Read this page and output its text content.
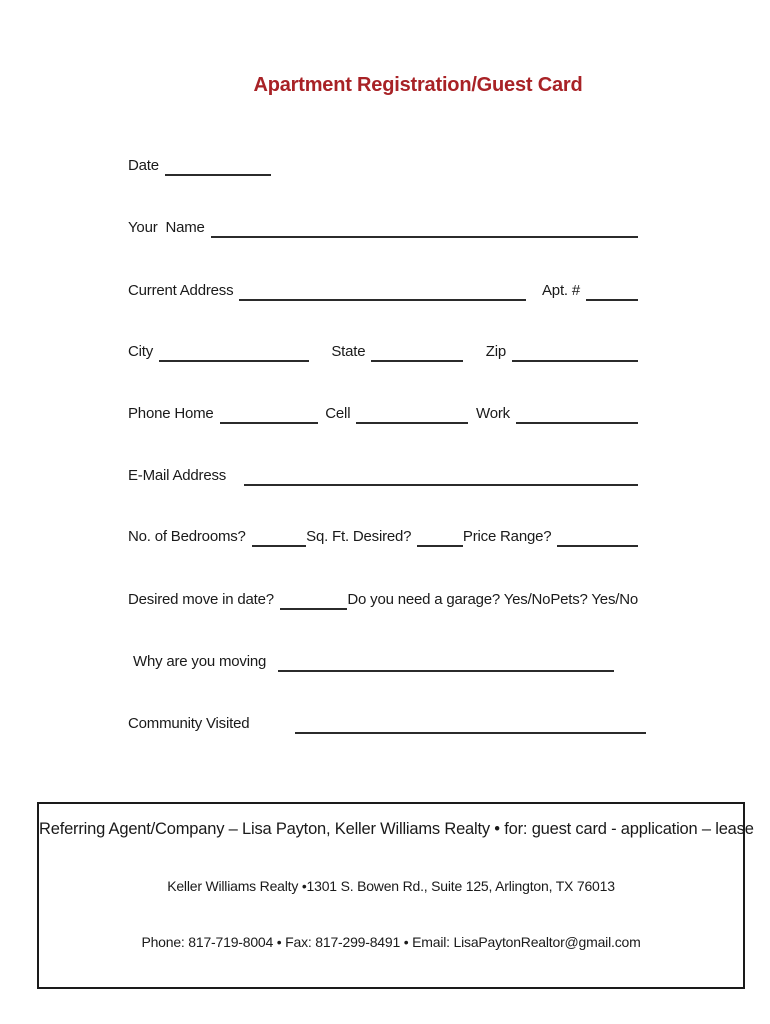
Apartment Registration/Guest Card
Date
Your  Name
Current Address	Apt. #
City	State	Zip
Phone Home	Cell	Work
E-Mail Address
No. of Bedrooms?	Sq. Ft. Desired?	Price Range?
Desired move in date?	Do you need a garage? Yes/No Pets? Yes/No
Why are you moving
Community Visited

Referring Agent/Company – Lisa Payton, Keller Williams Realty • for: guest card - application – lease

Keller Williams Realty •1301 S. Bowen Rd., Suite 125, Arlington, TX 76013

Phone: 817-719-8004 • Fax: 817-299-8491 • Email: LisaPaytonRealtor@gmail.com
